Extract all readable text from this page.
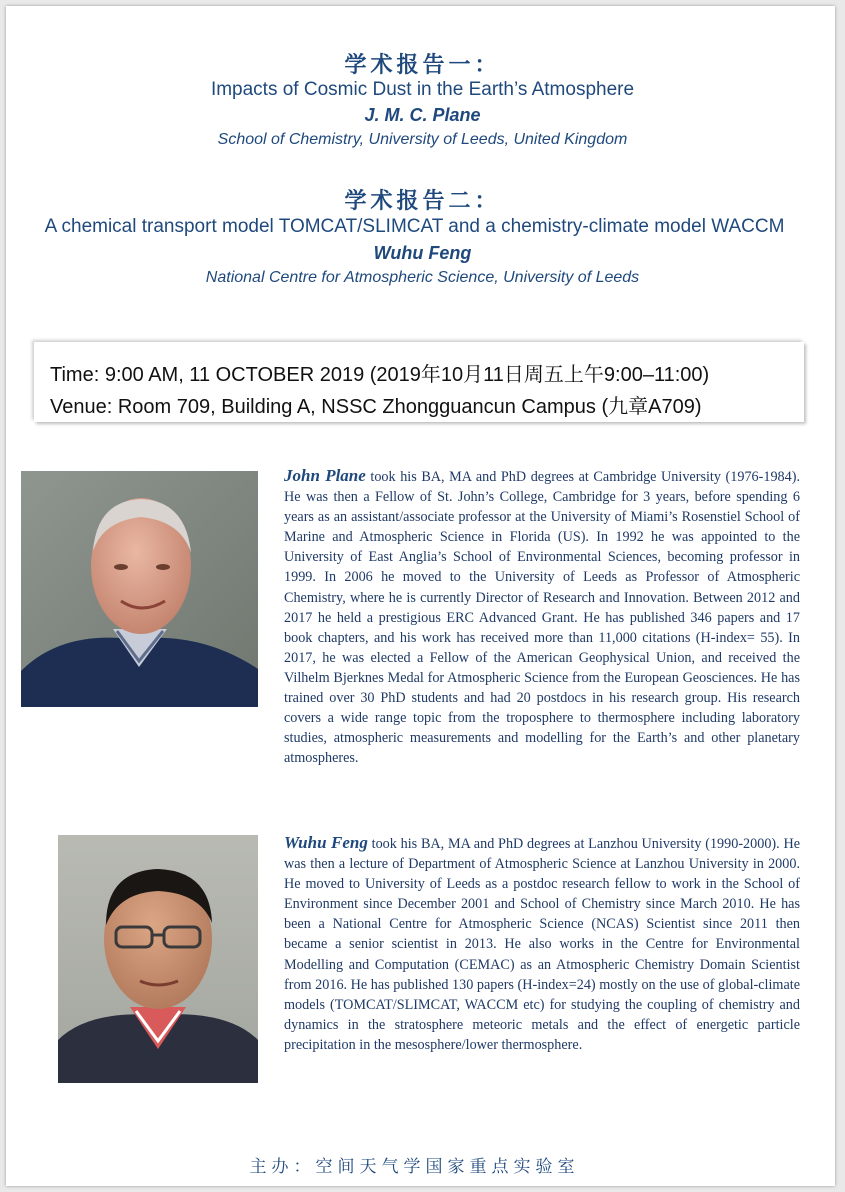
学术报告一：
Impacts of Cosmic Dust in the Earth’s Atmosphere
J. M. C. Plane
School of Chemistry, University of Leeds, United Kingdom
学术报告二：
A chemical transport model TOMCAT/SLIMCAT and a chemistry-climate model WACCM
Wuhu Feng
National Centre for Atmospheric Science, University of Leeds
Time: 9:00 AM, 11 OCTOBER 2019 (2019年10月11日周五上午9:00–11:00)
Venue: Room 709, Building A, NSSC Zhongguancun Campus (九章A709)
John Plane took his BA, MA and PhD degrees at Cambridge University (1976-1984). He was then a Fellow of St. John’s College, Cambridge for 3 years, before spending 6 years as an assistant/associate professor at the University of Miami’s Rosenstiel School of Marine and Atmospheric Science in Florida (US). In 1992 he was appointed to the University of East Anglia’s School of Environmental Sciences, becoming professor in 1999. In 2006 he moved to the University of Leeds as Professor of Atmospheric Chemistry, where he is currently Director of Research and Innovation. Between 2012 and 2017 he held a prestigious ERC Advanced Grant. He has published 346 papers and 17 book chapters, and his work has received more than 11,000 citations (H-index= 55). In 2017, he was elected a Fellow of the American Geophysical Union, and received the Vilhelm Bjerknes Medal for Atmospheric Science from the European Geosciences. He has trained over 30 PhD students and had 20 postdocs in his research group. His research covers a wide range topic from the troposphere to thermosphere including laboratory studies, atmospheric measurements and modelling for the Earth’s and other planetary atmospheres.
Wuhu Feng took his BA, MA and PhD degrees at Lanzhou University (1990-2000). He was then a lecture of Department of Atmospheric Science at Lanzhou University in 2000. He moved to University of Leeds as a postdoc research fellow to work in the School of Environment since December 2001 and School of Chemistry since March 2010. He has been a National Centre for Atmospheric Science (NCAS) Scientist since 2011 then became a senior scientist in 2013. He also works in the Centre for Environmental Modelling and Computation (CEMAC) as an Atmospheric Chemistry Domain Scientist from 2016. He has published 130 papers (H-index=24) mostly on the use of global-climate models (TOMCAT/SLIMCAT, WACCM etc) for studying the coupling of chemistry and dynamics in the stratosphere meteoric metals and the effect of energetic particle precipitation in the mesosphere/lower thermosphere.
主办：空间天气学国家重点实验室
